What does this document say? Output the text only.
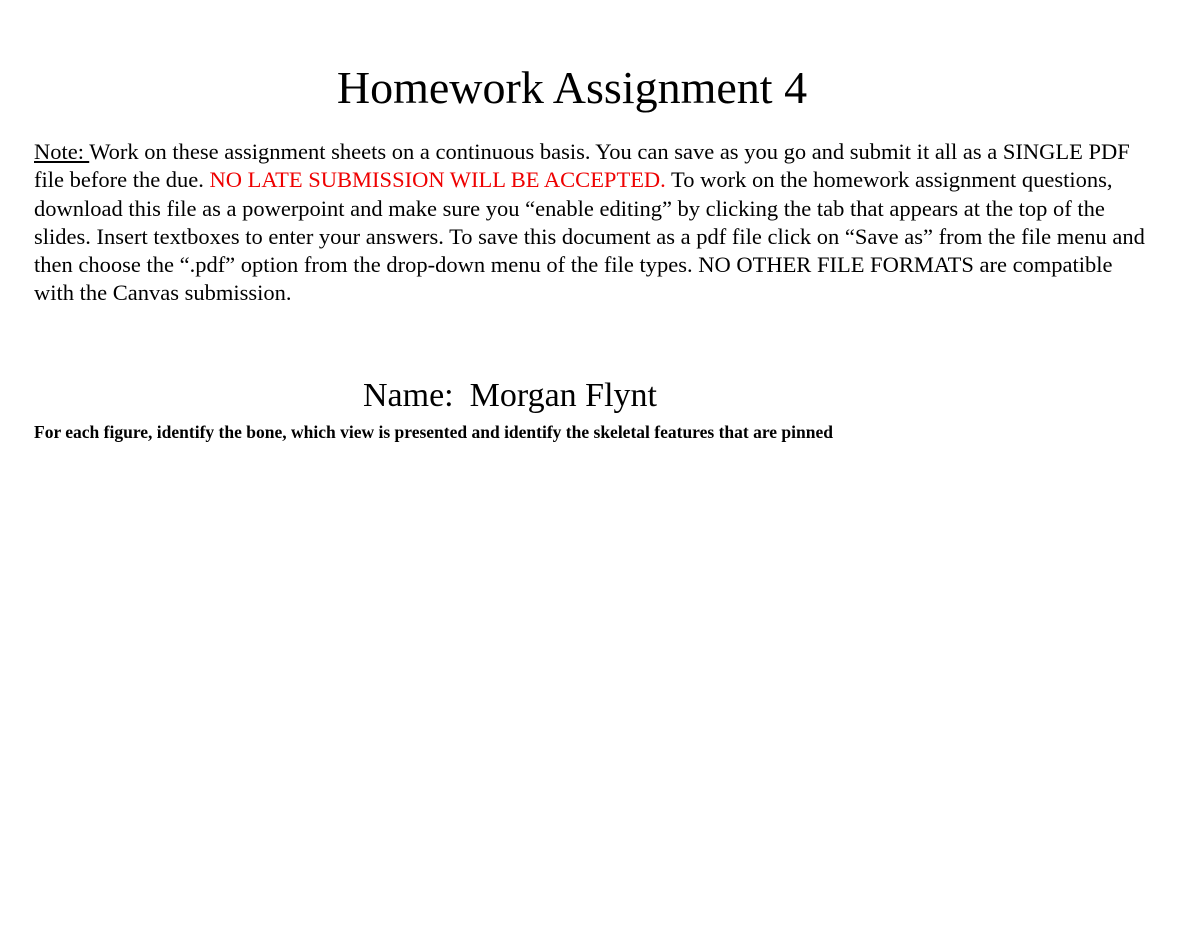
Homework Assignment 4

Note: Work on these assignment sheets on a continuous basis. You can save as you go and submit it all as a SINGLE PDF file before the due. NO LATE SUBMISSION WILL BE ACCEPTED. To work on the homework assignment questions, download this file as a powerpoint and make sure you “enable editing” by clicking the tab that appears at the top of the slides. Insert textboxes to enter your answers. To save this document as a pdf file click on “Save as” from the file menu and then choose the “.pdf” option from the drop-down menu of the file types. NO OTHER FILE FORMATS are compatible with the Canvas submission.

Name: Morgan Flynt

For each figure, identify the bone, which view is presented and identify the skeletal features that are pinned
